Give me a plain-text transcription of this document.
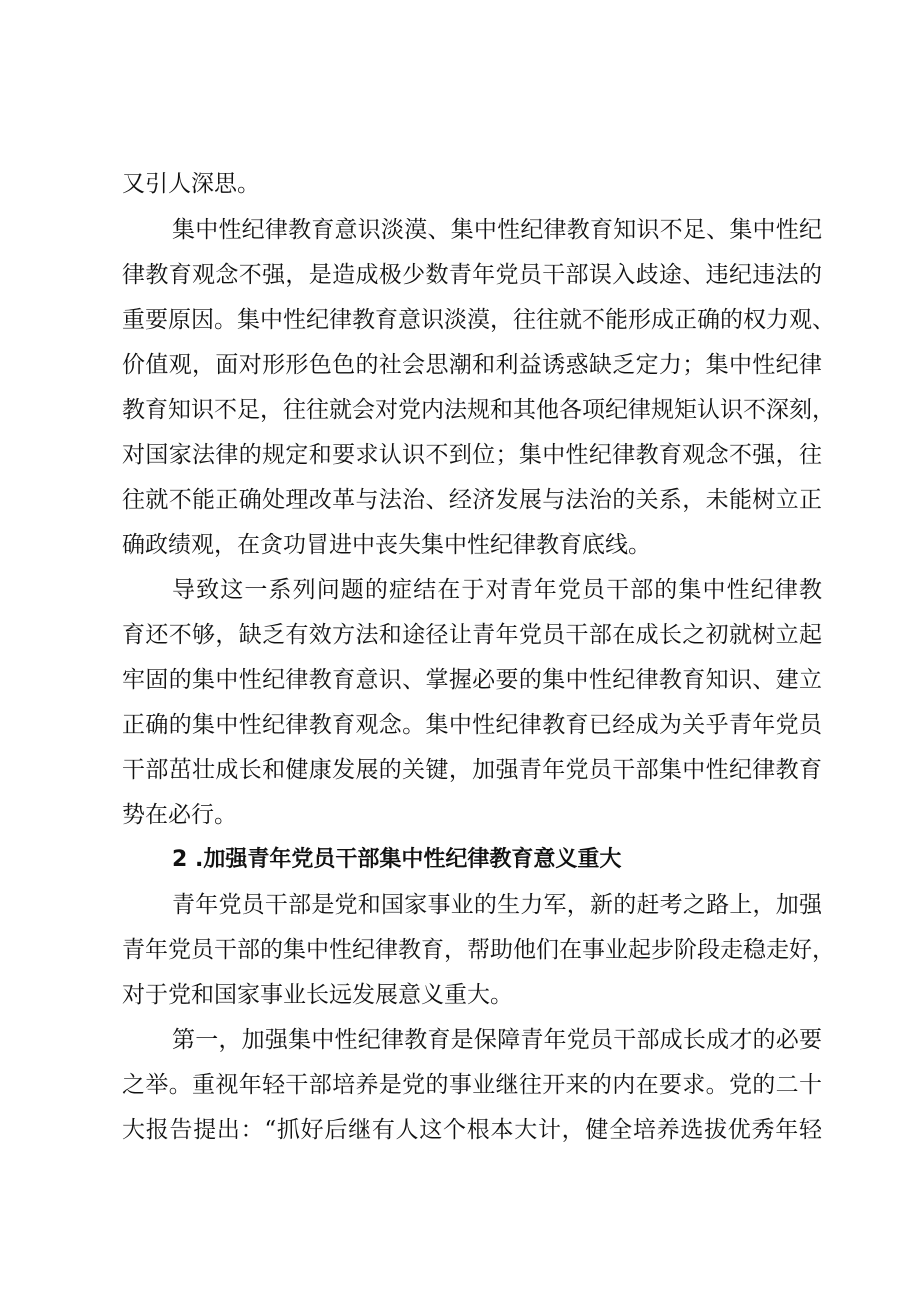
又引人深思。
集中性纪律教育意识淡漠、集中性纪律教育知识不足、集中性纪
律教育观念不强，是造成极少数青年党员干部误入歧途、违纪违法的
重要原因。集中性纪律教育意识淡漠，往往就不能形成正确的权力观、
价值观，面对形形色色的社会思潮和利益诱惑缺乏定力；集中性纪律
教育知识不足，往往就会对党内法规和其他各项纪律规矩认识不深刻，
对国家法律的规定和要求认识不到位；集中性纪律教育观念不强，往
往就不能正确处理改革与法治、经济发展与法治的关系，未能树立正
确政绩观，在贪功冒进中丧失集中性纪律教育底线。
导致这一系列问题的症结在于对青年党员干部的集中性纪律教
育还不够，缺乏有效方法和途径让青年党员干部在成长之初就树立起
牢固的集中性纪律教育意识、掌握必要的集中性纪律教育知识、建立
正确的集中性纪律教育观念。集中性纪律教育已经成为关乎青年党员
干部茁壮成长和健康发展的关键，加强青年党员干部集中性纪律教育
势在必行。
2 .加强青年党员干部集中性纪律教育意义重大
青年党员干部是党和国家事业的生力军，新的赶考之路上，加强
青年党员干部的集中性纪律教育，帮助他们在事业起步阶段走稳走好，
对于党和国家事业长远发展意义重大。
第一，加强集中性纪律教育是保障青年党员干部成长成才的必要
之举。重视年轻干部培养是党的事业继往开来的内在要求。党的二十
大报告提出：“抓好后继有人这个根本大计，健全培养选拔优秀年轻
